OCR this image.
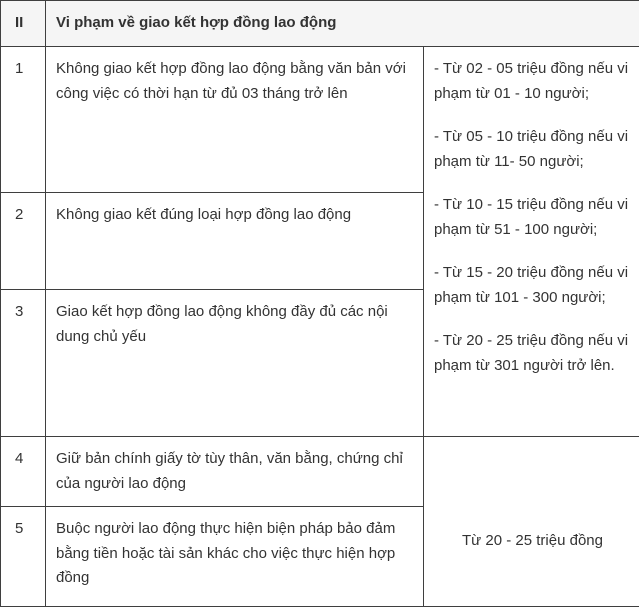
II	Vi phạm về giao kết hợp đồng lao động	

1	Không giao kết hợp đồng lao động bằng văn bản với công việc có thời hạn từ đủ 03 tháng trở lên	- Từ 02 - 05 triệu đồng nếu vi phạm từ 01 - 10 người;

- Từ 05 - 10 triệu đồng nếu vi phạm từ 11- 50 người;

- Từ 10 - 15 triệu đồng nếu vi phạm từ 51 - 100 người;

- Từ 15 - 20 triệu đồng nếu vi phạm từ 101 - 300 người;

- Từ 20 - 25 triệu đồng nếu vi phạm từ 301 người trở lên.

2	Không giao kết đúng loại hợp đồng lao động	

3	Giao kết hợp đồng lao động không đầy đủ các nội dung chủ yếu	

4	Giữ bản chính giấy tờ tùy thân, văn bằng, chứng chỉ của người lao động	Từ 20 - 25 triệu đồng

5	Buộc người lao động thực hiện biện pháp bảo đảm bằng tiền hoặc tài sản khác cho việc thực hiện hợp đồng	
